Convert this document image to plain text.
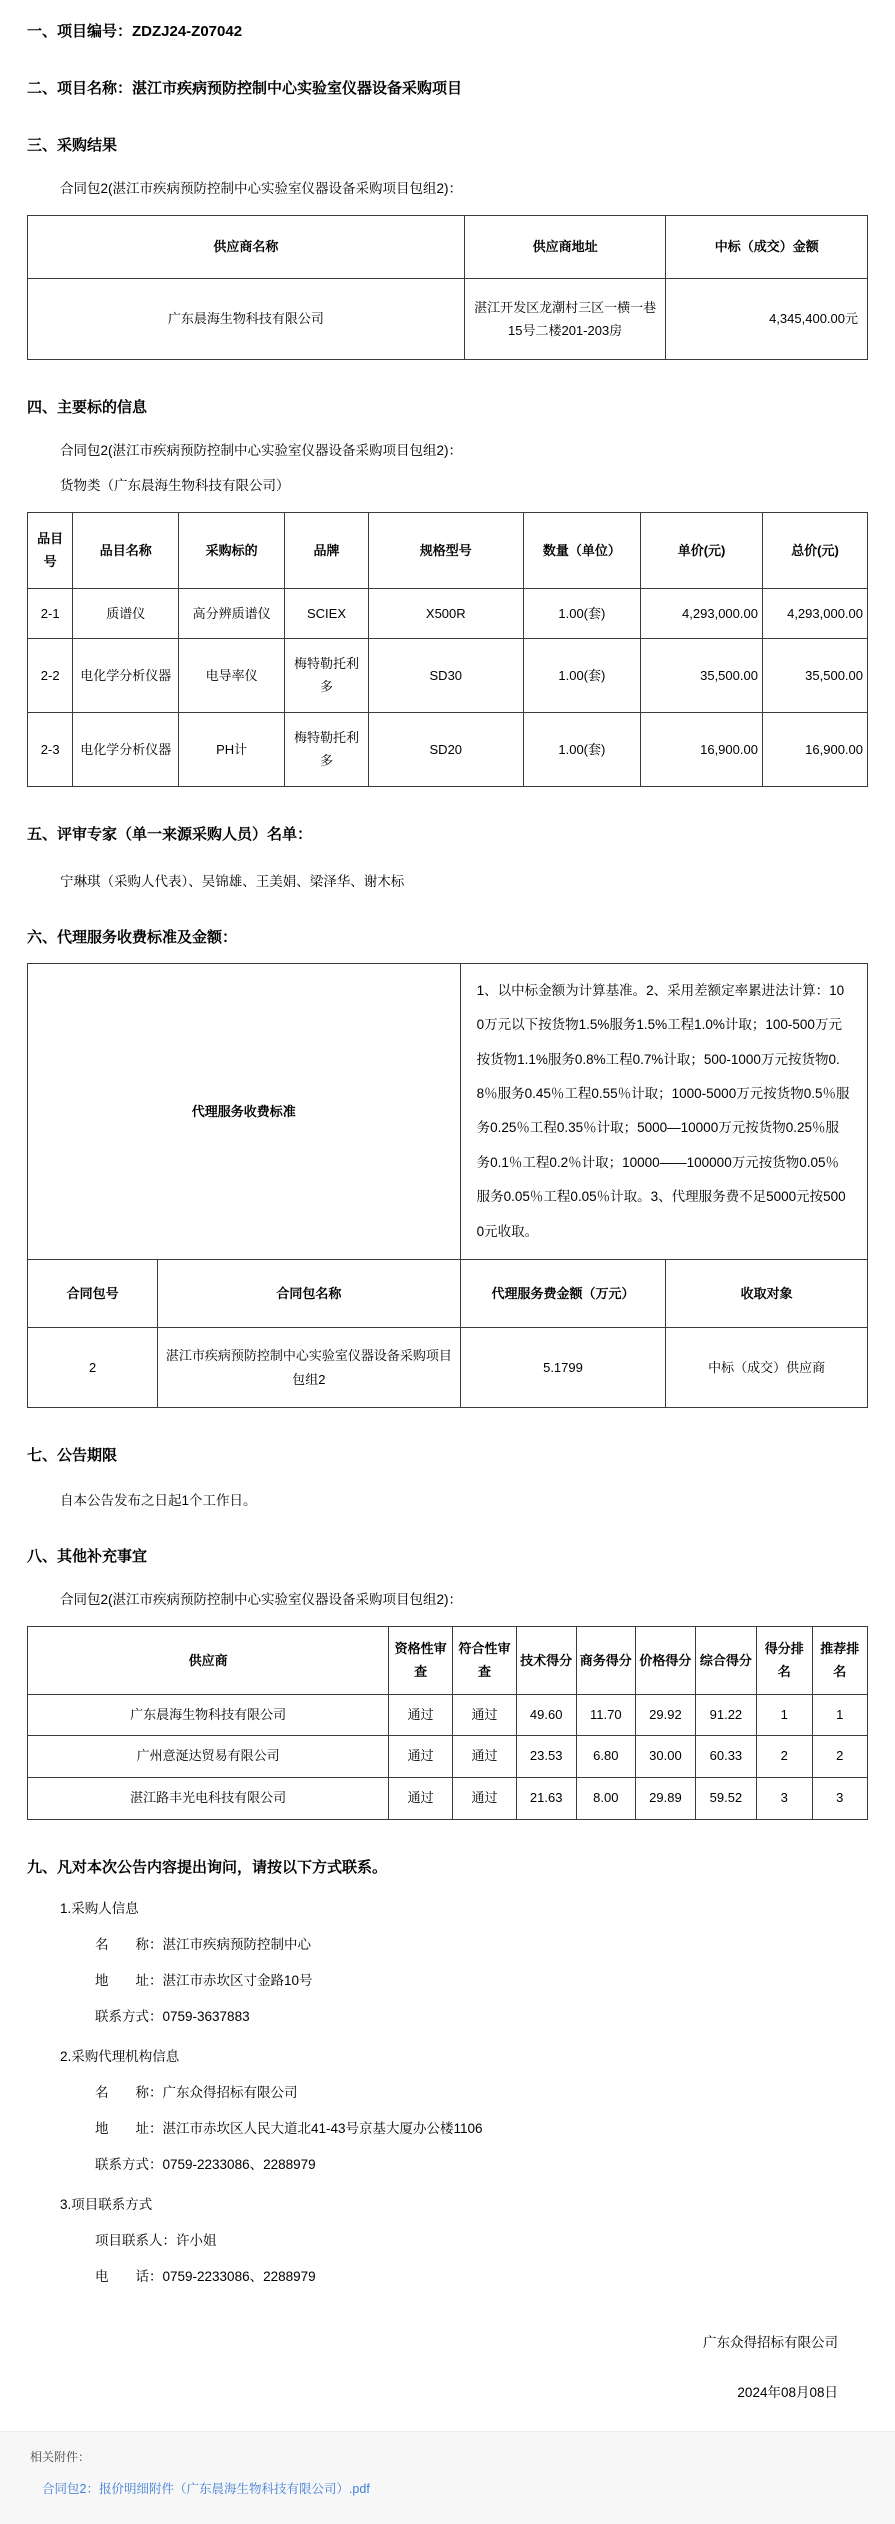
一、项目编号：ZDZJ24-Z07042
二、项目名称：湛江市疾病预防控制中心实验室仪器设备采购项目
三、采购结果
合同包2(湛江市疾病预防控制中心实验室仪器设备采购项目包组2)：
供应商名称	供应商地址	中标（成交）金额
广东晨海生物科技有限公司	湛江开发区龙潮村三区一横一巷15号二楼201-203房	4,345,400.00元
四、主要标的信息
合同包2(湛江市疾病预防控制中心实验室仪器设备采购项目包组2)：
货物类（广东晨海生物科技有限公司）
品目号	品目名称	采购标的	品牌	规格型号	数量（单位）	单价(元)	总价(元)
2-1	质谱仪	高分辨质谱仪	SCIEX	X500R	1.00(套)	4,293,000.00	4,293,000.00
2-2	电化学分析仪器	电导率仪	梅特勒托利多	SD30	1.00(套)	35,500.00	35,500.00
2-3	电化学分析仪器	PH计	梅特勒托利多	SD20	1.00(套)	16,900.00	16,900.00
五、评审专家（单一来源采购人员）名单：
宁琳琪（采购人代表）、吴锦雄、王美娟、梁泽华、谢木标
六、代理服务收费标准及金额：
代理服务收费标准		1、以中标金额为计算基准。2、采用差额定率累进法计算：100万元以下按货物1.5%服务1.5%工程1.0%计取；100-500万元按货物1.1%服务0.8%工程0.7%计取；500-1000万元按货物0.8％服务0.45％工程0.55％计取；1000-5000万元按货物0.5％服务0.25％工程0.35％计取；5000—10000万元按货物0.25％服务0.1％工程0.2％计取；10000——100000万元按货物0.05％服务0.05％工程0.05％计取。3、代理服务费不足5000元按5000元收取。	
合同包号	合同包名称	代理服务费金额（万元）	收取对象
2	湛江市疾病预防控制中心实验室仪器设备采购项目包组2	5.1799	中标（成交）供应商
七、公告期限
自本公告发布之日起1个工作日。
八、其他补充事宜
合同包2(湛江市疾病预防控制中心实验室仪器设备采购项目包组2)：
供应商	资格性审查	符合性审查	技术得分	商务得分	价格得分	综合得分	得分排名	推荐排名
广东晨海生物科技有限公司	通过	通过	49.60	11.70	29.92	91.22	1	1
广州意涎达贸易有限公司	通过	通过	23.53	6.80	30.00	60.33	2	2
湛江路丰光电科技有限公司	通过	通过	21.63	8.00	29.89	59.52	3	3
九、凡对本次公告内容提出询问，请按以下方式联系。
1.采购人信息
名　　称：湛江市疾病预防控制中心
地　　址：湛江市赤坎区寸金路10号
联系方式：0759-3637883
2.采购代理机构信息
名　　称：广东众得招标有限公司
地　　址：湛江市赤坎区人民大道北41-43号京基大厦办公楼1106
联系方式：0759-2233086、2288979
3.项目联系方式
项目联系人：许小姐
电　　话：0759-2233086、2288979
广东众得招标有限公司
2024年08月08日
相关附件：
合同包2：报价明细附件（广东晨海生物科技有限公司）.pdf
